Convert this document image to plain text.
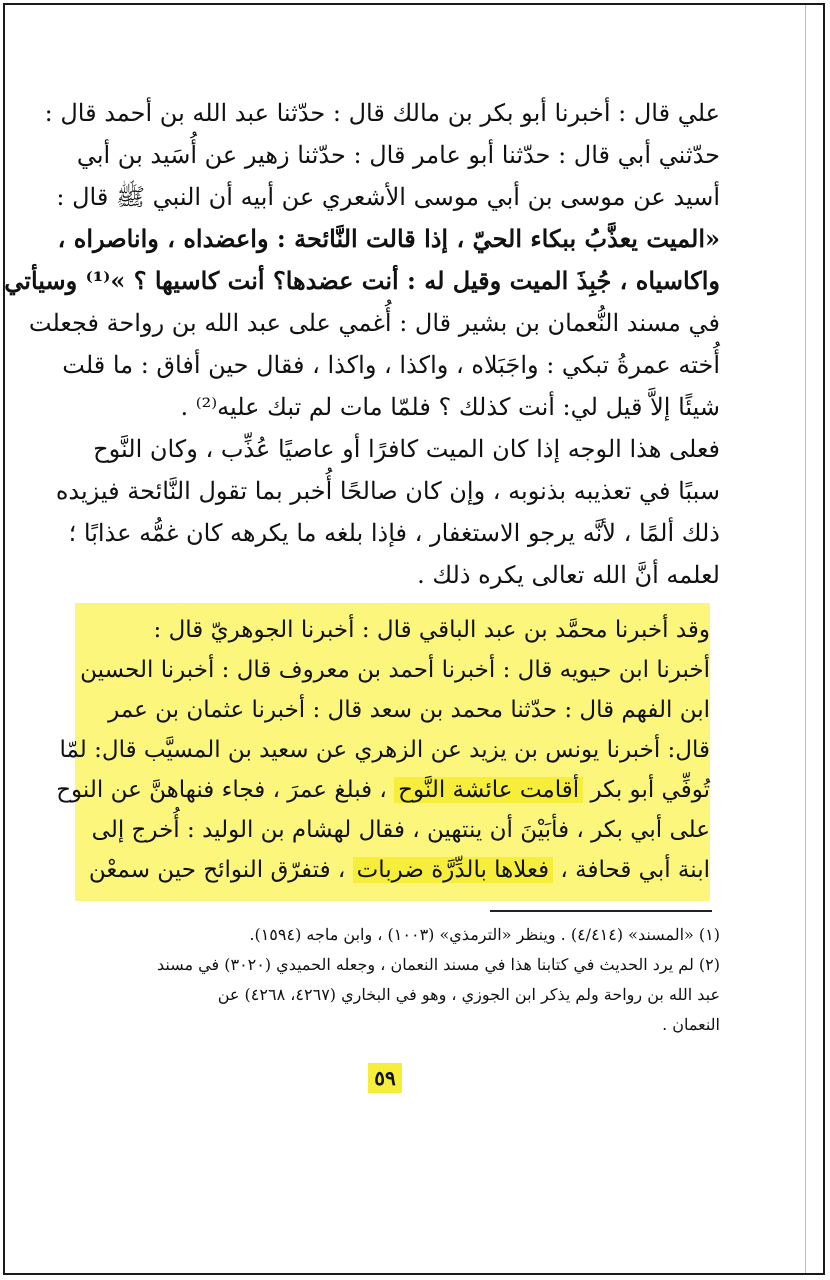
علي قال : أخبرنا أبو بكر بن مالك قال : حدّثنا عبد الله بن أحمد قال :
حدّثني أبي قال : حدّثنا أبو عامر قال : حدّثنا زهير عن أُسَيد بن أبي
أسيد عن موسى بن أبي موسى الأشعري عن أبيه أن النبي ﷺ قال :
«الميت يعذَّبُ ببكاء الحيّ ، إذا قالت النَّائحة : واعضداه ، واناصراه ،
واكاسياه ، جُبِذَ الميت وقيل له : أنت عضدها؟ أنت كاسيها ؟ »⁽¹⁾ وسيأتي
في مسند النُّعمان بن بشير قال : أُغمي على عبد الله بن رواحة فجعلت
أُخته عمرةُ تبكي : واجَبَلاه ، واكذا ، واكذا ، فقال حين أفاق : ما قلت
شيئًا إلاَّ قيل لي: أنت كذلك ؟ فلمّا مات لم تبك عليه⁽²⁾ .
فعلى هذا الوجه إذا كان الميت كافرًا أو عاصيًا عُذِّب ، وكان النَّوح
سببًا في تعذيبه بذنوبه ، وإن كان صالحًا أُخبر بما تقول النَّائحة فيزيده
ذلك ألمًا ، لأنَّه يرجو الاستغفار ، فإذا بلغه ما يكرهه كان غمُّه عذابًا ؛
لعلمه أنَّ الله تعالى يكره ذلك .
وقد أخبرنا محمَّد بن عبد الباقي قال : أخبرنا الجوهريّ قال :
أخبرنا ابن حيويه قال : أخبرنا أحمد بن معروف قال : أخبرنا الحسين
ابن الفهم قال : حدّثنا محمد بن سعد قال : أخبرنا عثمان بن عمر
قال: أخبرنا يونس بن يزيد عن الزهري عن سعيد بن المسيَّب قال: لمّا
تُوفِّي أبو بكر أقامت عائشة النَّوح ، فبلغ عمرَ ، فجاء فنهاهنَّ عن النوح
على أبي بكر ، فأبَيْنَ أن ينتهين ، فقال لهشام بن الوليد : أُخرج إلى
ابنة أبي قحافة ، فعلاها بالدِّرَّة ضربات ، فتفرّق النوائح حين سمعْن
(١) «المسند» (٤/٤١٤) . وينظر «الترمذي» (١٠٠٣) ، وابن ماجه (١٥٩٤).
(٢) لم يرد الحديث في كتابنا هذا في مسند النعمان ، وجعله الحميدي (٣٠٢٠) في مسند
عبد الله بن رواحة ولم يذكر ابن الجوزي ، وهو في البخاري (٤٢٦٧، ٤٢٦٨) عن
النعمان .
٥٩
